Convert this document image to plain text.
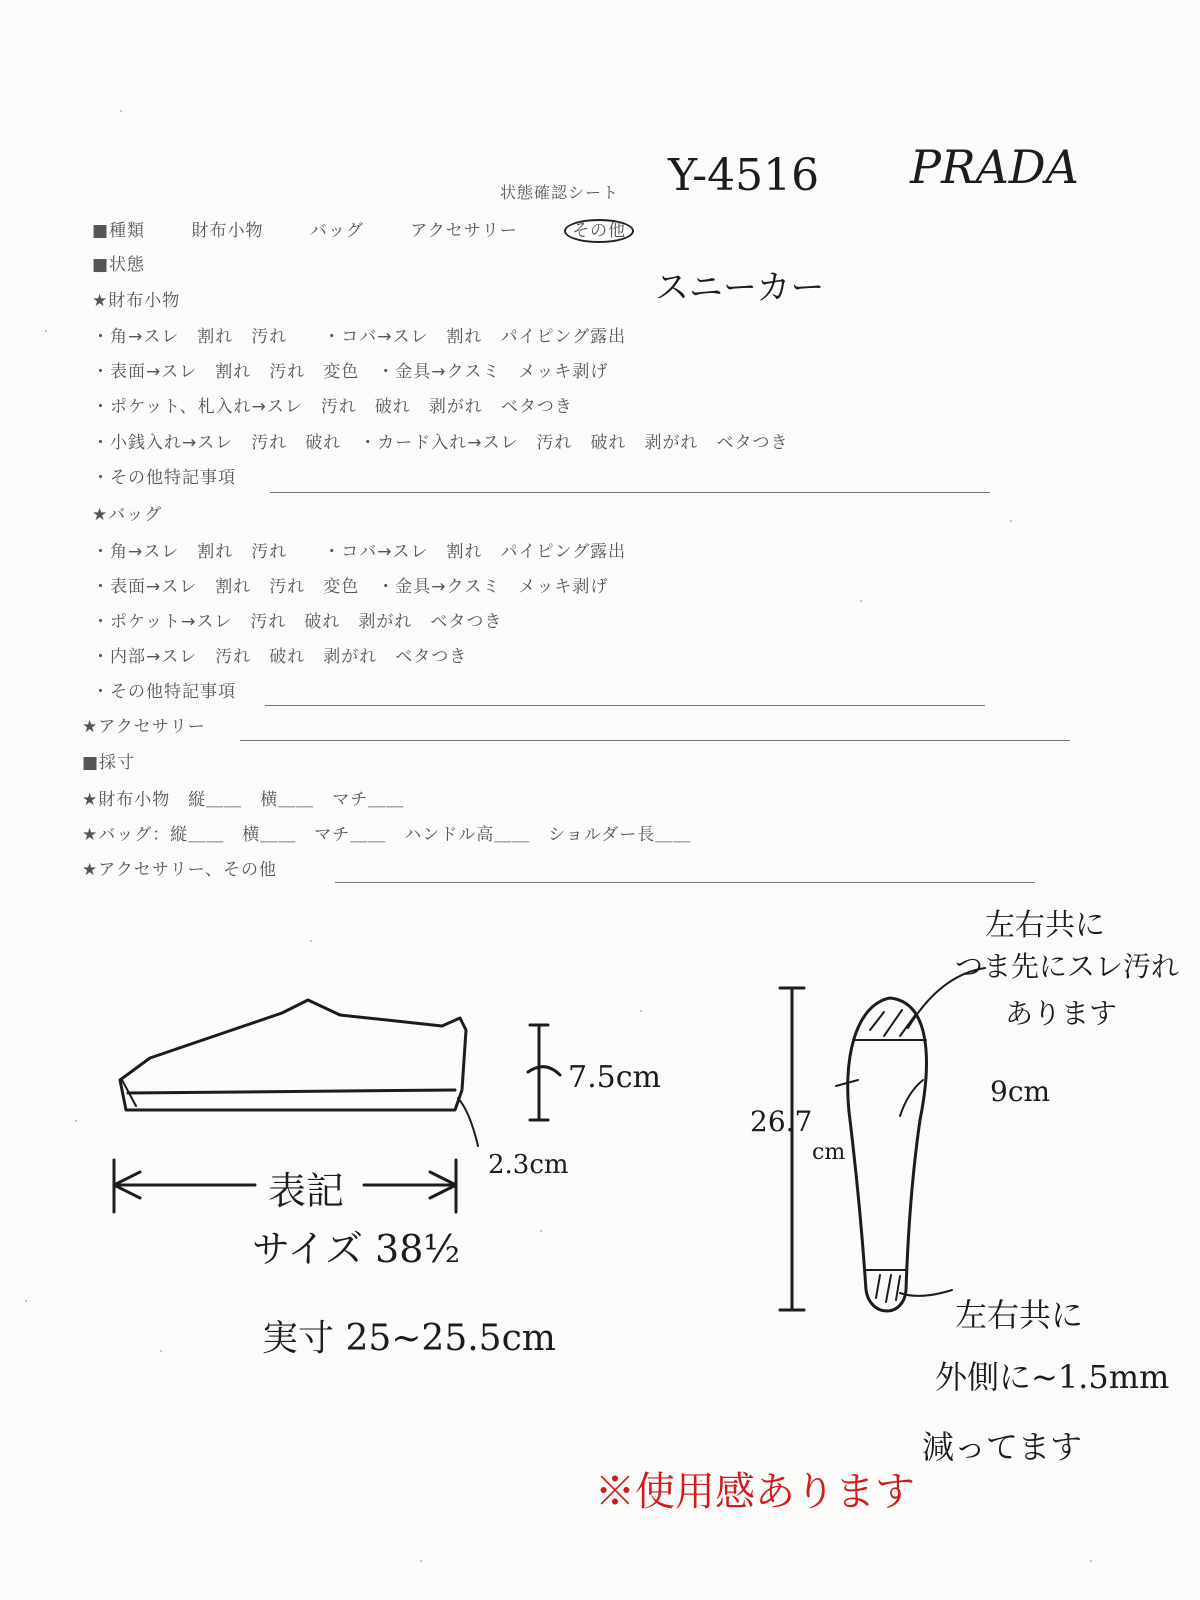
状態確認シート Y-4516 PRADA
■種類	財布小物	バッグ	アクセサリー	その他
スニーカー
■状態
★財布小物
・角→スレ　割れ　汚れ　　・コバ→スレ　割れ　パイピング露出
・表面→スレ　割れ　汚れ　変色　・金具→クスミ　メッキ剥げ
・ポケット、札入れ→スレ　汚れ　破れ　剥がれ　ベタつき
・小銭入れ→スレ　汚れ　破れ　・カード入れ→スレ　汚れ　破れ　剥がれ　ベタつき
・その他特記事項
★バッグ
・角→スレ　割れ　汚れ　　・コバ→スレ　割れ　パイピング露出
・表面→スレ　割れ　汚れ　変色　・金具→クスミ　メッキ剥げ
・ポケット→スレ　汚れ　破れ　剥がれ　ベタつき
・内部→スレ　汚れ　破れ　剥がれ　ベタつき
・その他特記事項
★アクセサリー
■採寸
★財布小物　縦＿＿　横＿＿　マチ＿＿
★バッグ：縦＿＿　横＿＿　マチ＿＿　ハンドル高＿＿　ショルダー長＿＿
★アクセサリー、その他
7.5cm
2.3cm
表記
サイズ 38½
実寸 25~25.5cm
26.7
cm
9cm
左右共に
つま先にスレ汚れ
あります
左右共に
外側に~1.5mm
減ってます
※使用感あります
